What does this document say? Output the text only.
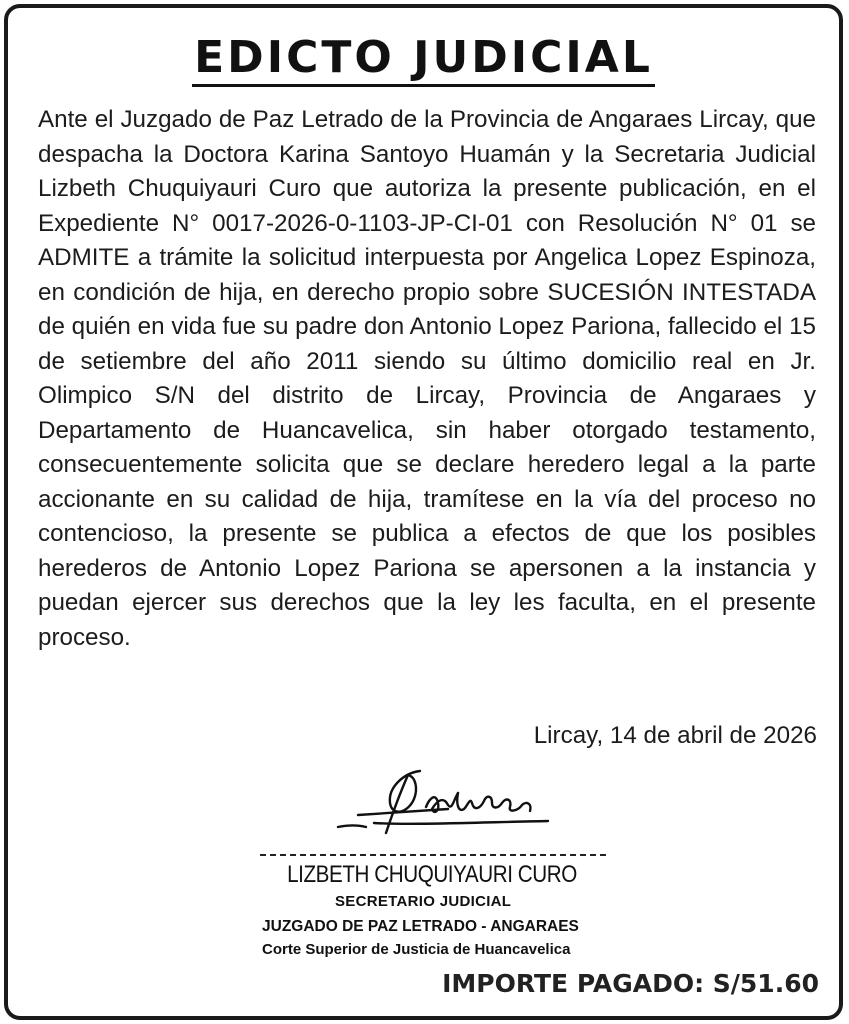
EDICTO JUDICIAL

Ante el Juzgado de Paz Letrado de la Provincia de Angaraes Lircay, que despacha la Doctora Karina Santoyo Huamán y la Secretaria Judicial Lizbeth Chuquiyauri Curo que autoriza la presente publicación, en el Expediente N° 0017-2026-0-1103-JP-CI-01 con Resolución N° 01 se ADMITE a trámite la solicitud interpuesta por Angelica Lopez Espinoza, en condición de hija, en derecho propio sobre SUCESIÓN INTESTADA de quién en vida fue su padre don Antonio Lopez Pariona, fallecido el 15 de setiembre del año 2011 siendo su último domicilio real en Jr. Olimpico S/N del distrito de Lircay, Provincia de Angaraes y Departamento de Huancavelica, sin haber otorgado testamento, consecuentemente solicita que se declare heredero legal a la parte accionante en su calidad de hija, tramítese en la vía del proceso no contencioso, la presente se publica a efectos de que los posibles herederos de Antonio Lopez Pariona se apersonen a la instancia y puedan ejercer sus derechos que la ley les faculta, en el presente proceso.

Lircay, 14 de abril de 2026
LIZBETH CHUQUIYAURI CURO
SECRETARIO JUDICIAL
JUZGADO DE PAZ LETRADO - ANGARAES
Corte Superior de Justicia de Huancavelica
IMPORTE PAGADO: S/51.60
